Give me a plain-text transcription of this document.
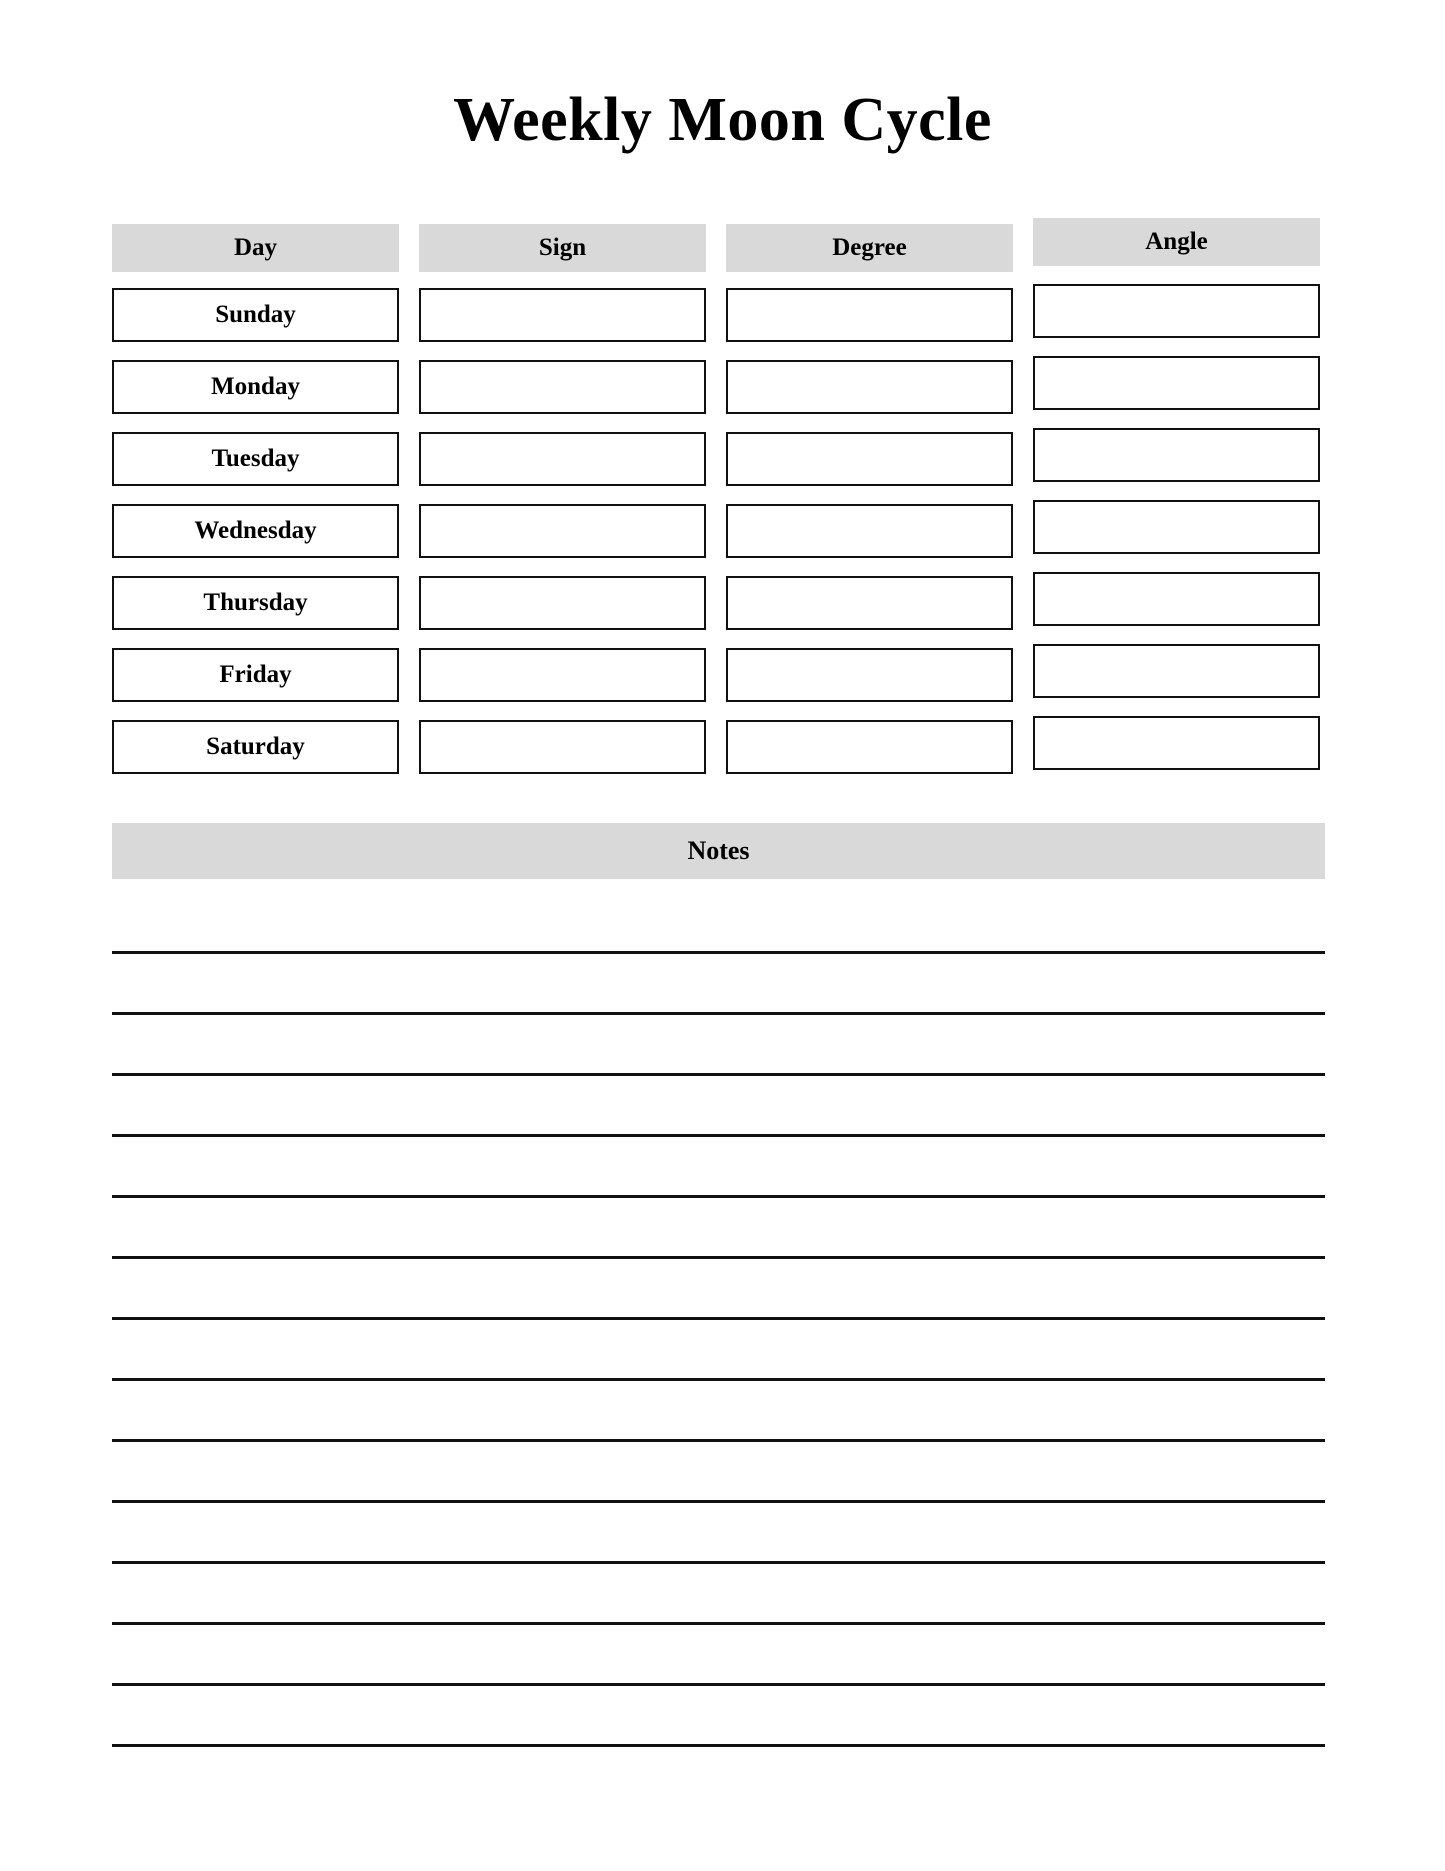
Weekly Moon Cycle
Day	Sign	Degree	Angle
Sunday
Monday
Tuesday
Wednesday
Thursday
Friday
Saturday
Notes
